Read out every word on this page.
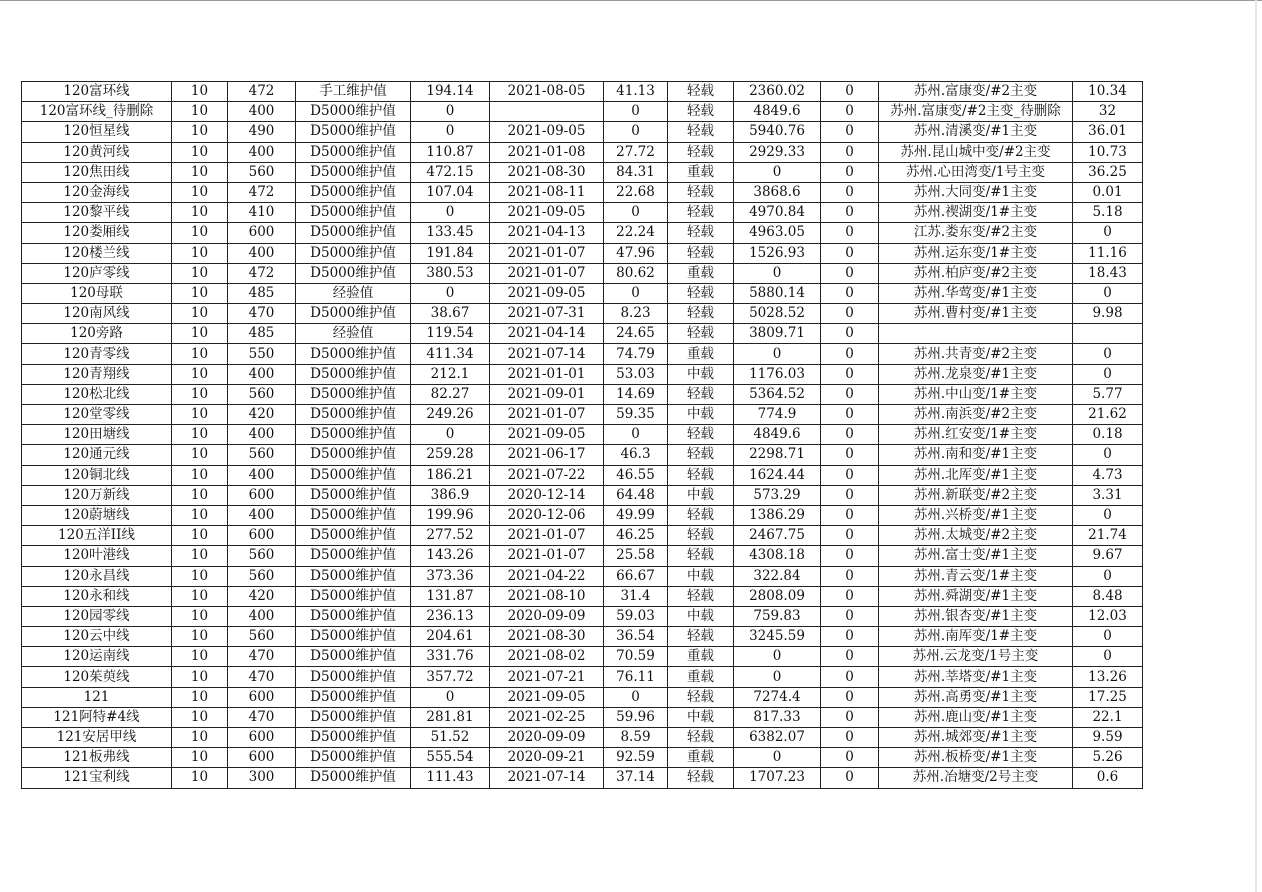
120富环线	10	472	手工维护值	194.14	2021-08-05	41.13	轻载	2360.02	0	苏州.富康变/#2主变	10.34
120富环线_待删除	10	400	D5000维护值	0		0	轻载	4849.6	0	苏州.富康变/#2主变_待删除	32
120恒星线	10	490	D5000维护值	0	2021-09-05	0	轻载	5940.76	0	苏州.清溪变/#1主变	36.01
120黄河线	10	400	D5000维护值	110.87	2021-01-08	27.72	轻载	2929.33	0	苏州.昆山城中变/#2主变	10.73
120焦田线	10	560	D5000维护值	472.15	2021-08-30	84.31	重载	0	0	苏州.心田湾变/1号主变	36.25
120金海线	10	472	D5000维护值	107.04	2021-08-11	22.68	轻载	3868.6	0	苏州.大同变/#1主变	0.01
120黎平线	10	410	D5000维护值	0	2021-09-05	0	轻载	4970.84	0	苏州.禊湖变/1#主变	5.18
120娄厢线	10	600	D5000维护值	133.45	2021-04-13	22.24	轻载	4963.05	0	江苏.娄东变/#2主变	0
120楼兰线	10	400	D5000维护值	191.84	2021-01-07	47.96	轻载	1526.93	0	苏州.运东变/1#主变	11.16
120庐零线	10	472	D5000维护值	380.53	2021-01-07	80.62	重载	0	0	苏州.柏庐变/#2主变	18.43
120母联	10	485	经验值	0	2021-09-05	0	轻载	5880.14	0	苏州.华莺变/#1主变	0
120南风线	10	470	D5000维护值	38.67	2021-07-31	8.23	轻载	5028.52	0	苏州.曹村变/#1主变	9.98
120旁路	10	485	经验值	119.54	2021-04-14	24.65	轻载	3809.71	0		
120青零线	10	550	D5000维护值	411.34	2021-07-14	74.79	重载	0	0	苏州.共青变/#2主变	0
120青翔线	10	400	D5000维护值	212.1	2021-01-01	53.03	中载	1176.03	0	苏州.龙泉变/#1主变	0
120松北线	10	560	D5000维护值	82.27	2021-09-01	14.69	轻载	5364.52	0	苏州.中山变/1#主变	5.77
120堂零线	10	420	D5000维护值	249.26	2021-01-07	59.35	中载	774.9	0	苏州.南浜变/#2主变	21.62
120田塘线	10	400	D5000维护值	0	2021-09-05	0	轻载	4849.6	0	苏州.红安变/1#主变	0.18
120通元线	10	560	D5000维护值	259.28	2021-06-17	46.3	轻载	2298.71	0	苏州.南和变/#1主变	0
120铜北线	10	400	D5000维护值	186.21	2021-07-22	46.55	轻载	1624.44	0	苏州.北厍变/#1主变	4.73
120万新线	10	600	D5000维护值	386.9	2020-12-14	64.48	中载	573.29	0	苏州.新联变/#2主变	3.31
120蔚塘线	10	400	D5000维护值	199.96	2020-12-06	49.99	轻载	1386.29	0	苏州.兴桥变/#1主变	0
120五洋II线	10	600	D5000维护值	277.52	2021-01-07	46.25	轻载	2467.75	0	苏州.太城变/#2主变	21.74
120叶港线	10	560	D5000维护值	143.26	2021-01-07	25.58	轻载	4308.18	0	苏州.富士变/#1主变	9.67
120永昌线	10	560	D5000维护值	373.36	2021-04-22	66.67	中载	322.84	0	苏州.青云变/1#主变	0
120永和线	10	420	D5000维护值	131.87	2021-08-10	31.4	轻载	2808.09	0	苏州.舜湖变/#1主变	8.48
120园零线	10	400	D5000维护值	236.13	2020-09-09	59.03	中载	759.83	0	苏州.银杏变/#1主变	12.03
120云中线	10	560	D5000维护值	204.61	2021-08-30	36.54	轻载	3245.59	0	苏州.南厍变/1#主变	0
120运南线	10	470	D5000维护值	331.76	2021-08-02	70.59	重载	0	0	苏州.云龙变/1号主变	0
120茱萸线	10	470	D5000维护值	357.72	2021-07-21	76.11	重载	0	0	苏州.莘塔变/#1主变	13.26
121	10	600	D5000维护值	0	2021-09-05	0	轻载	7274.4	0	苏州.高勇变/#1主变	17.25
121阿特#4线	10	470	D5000维护值	281.81	2021-02-25	59.96	中载	817.33	0	苏州.鹿山变/#1主变	22.1
121安居甲线	10	600	D5000维护值	51.52	2020-09-09	8.59	轻载	6382.07	0	苏州.城郊变/#1主变	9.59
121板弗线	10	600	D5000维护值	555.54	2020-09-21	92.59	重载	0	0	苏州.板桥变/#1主变	5.26
121宝利线	10	300	D5000维护值	111.43	2021-07-14	37.14	轻载	1707.23	0	苏州.冶塘变/2号主变	0.6
